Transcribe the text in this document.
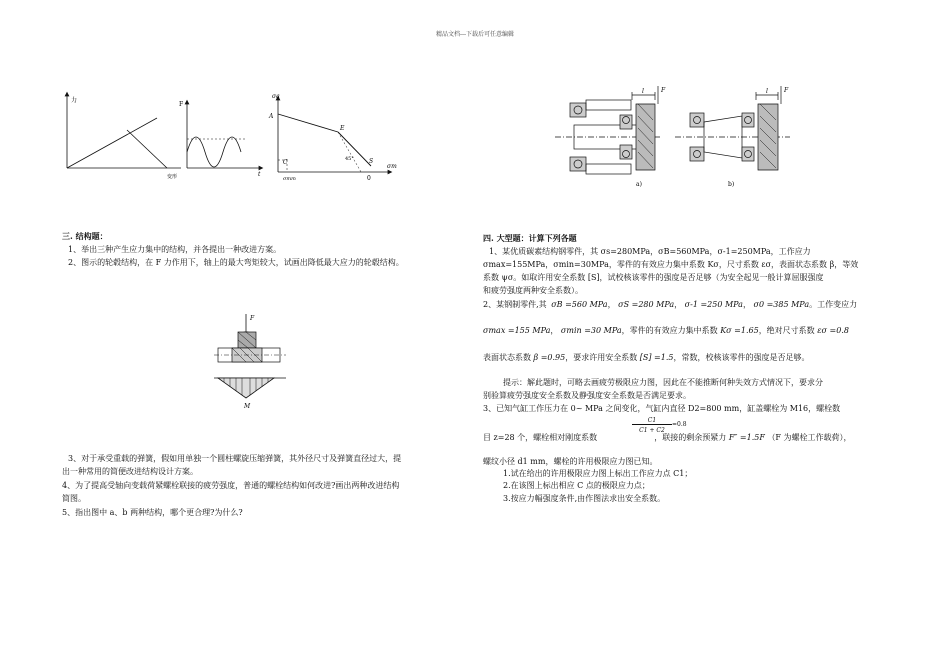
精品文档---下载后可任意编辑
力
变形
F
t
σa
σm
A
E
C	S
45°
0
σmm
a)	b)
l	l
F	F
三. 结构题：
1、举出三种产生应力集中的结构，并各提出一种改进方案。
2、图示的轮毂结构，在 F 力作用下，轴上的最大弯矩较大，试画出降低最大应力的轮毂结构。
F
M
3、对于承受重载的弹簧，假如用单独一个圆柱螺旋压缩弹簧，其外径尺寸及弹簧直径过大，提
出一种常用的简便改进结构设计方案。
4、为了提高受轴向变载荷紧螺栓联接的疲劳强度，普通的螺栓结构如何改进?画出两种改进结构
简图。
5、指出图中 a、b 两种结构，哪个更合理?为什么?
四. 大型题：计算下列各题
1、某优质碳素结构钢零件，其 σs=280MPa，σB=560MPa，σ-1=250MPa，工作应力
σmax=155MPa，σmin=30MPa，零件的有效应力集中系数 Kσ，尺寸系数 εσ，表面状态系数 β，等效
系数 ψσ。如取许用安全系数 [S]，试校核该零件的强度是否足够（为安全起见一般计算屈服强度
和疲劳强度两种安全系数）。
2、某钢制零件,其 σB =560 MPa， σS =280 MPa， σ-1 =250 MPa， σ0 =385 MPa。工作变应力
σmax =155 MPa， σmin =30 MPa，零件的有效应力集中系数 Kσ =1.65，绝对尺寸系数 εσ =0.8
表面状态系数 β =0.95，要求许用安全系数 [S] =1.5，常数，校核该零件的强度是否足够。
提示：解此题时，可略去画疲劳极限应力图，因此在不能推断何种失效方式情况下，要求分
别验算疲劳强度安全系数及静强度安全系数是否满足要求。
3、已知气缸工作压力在 0~ MPa 之间变化，气缸内直径 D2=800 mm，缸盖螺栓为 M16，螺栓数
C1
C1 + C2
=0.8
目 z=28 个，螺栓相对刚度系数	，联接的剩余预紧力 F″ =1.5F （F 为螺栓工作载荷），
螺纹小径 d1 mm，螺栓的许用极限应力图已知。
1.试在给出的许用极限应力图上标出工作应力点 C1；
2.在该图上标出相应 C 点的极限应力点；
3.按应力幅强度条件,由作图法求出安全系数。
